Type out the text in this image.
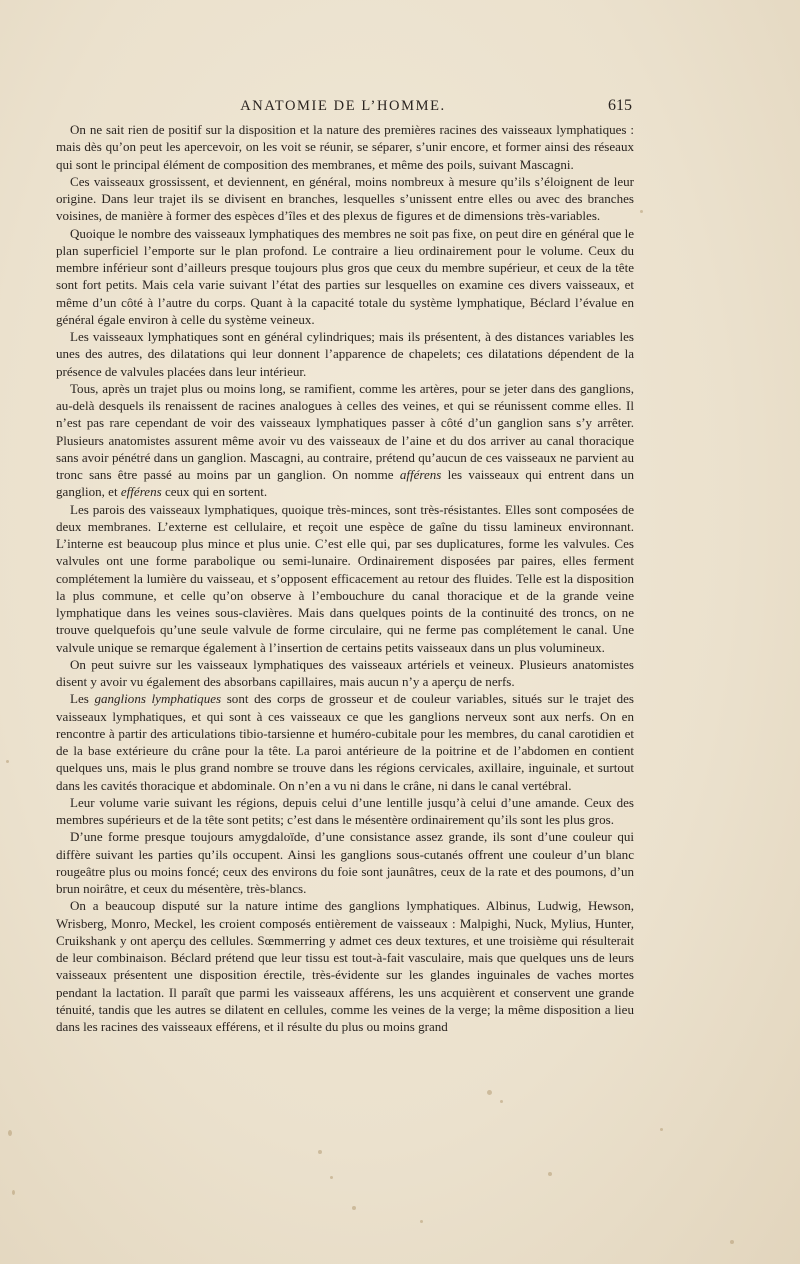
ANATOMIE DE L’HOMME.	615

On ne sait rien de positif sur la disposition et la nature des premières racines des vaisseaux lymphatiques : mais dès qu’on peut les apercevoir, on les voit se réunir, se séparer, s’unir encore, et former ainsi des réseaux qui sont le principal élément de composition des membranes, et même des poils, suivant Mascagni.

Ces vaisseaux grossissent, et deviennent, en général, moins nombreux à mesure qu’ils s’éloignent de leur origine. Dans leur trajet ils se divisent en branches, lesquelles s’unissent entre elles ou avec des branches voisines, de manière à former des espèces d’îles et des plexus de figures et de dimensions très-variables.

Quoique le nombre des vaisseaux lymphatiques des membres ne soit pas fixe, on peut dire en général que le plan superficiel l’emporte sur le plan profond. Le contraire a lieu ordinairement pour le volume. Ceux du membre inférieur sont d’ailleurs presque toujours plus gros que ceux du membre supérieur, et ceux de la tête sont fort petits. Mais cela varie suivant l’état des parties sur lesquelles on examine ces divers vaisseaux, et même d’un côté à l’autre du corps. Quant à la capacité totale du système lymphatique, Béclard l’évalue en général égale environ à celle du système veineux.

Les vaisseaux lymphatiques sont en général cylindriques; mais ils présentent, à des distances variables les unes des autres, des dilatations qui leur donnent l’apparence de chapelets; ces dilatations dépendent de la présence de valvules placées dans leur intérieur.

Tous, après un trajet plus ou moins long, se ramifient, comme les artères, pour se jeter dans des ganglions, au-delà desquels ils renaissent de racines analogues à celles des veines, et qui se réunissent comme elles. Il n’est pas rare cependant de voir des vaisseaux lymphatiques passer à côté d’un ganglion sans s’y arrêter. Plusieurs anatomistes assurent même avoir vu des vaisseaux de l’aine et du dos arriver au canal thoracique sans avoir pénétré dans un ganglion. Mascagni, au contraire, prétend qu’aucun de ces vaisseaux ne parvient au tronc sans être passé au moins par un ganglion. On nomme afférens les vaisseaux qui entrent dans un ganglion, et efférens ceux qui en sortent.

Les parois des vaisseaux lymphatiques, quoique très-minces, sont très-résistantes. Elles sont composées de deux membranes. L’externe est cellulaire, et reçoit une espèce de gaîne du tissu lamineux environnant. L’interne est beaucoup plus mince et plus unie. C’est elle qui, par ses duplicatures, forme les valvules. Ces valvules ont une forme parabolique ou semi-lunaire. Ordinairement disposées par paires, elles ferment complétement la lumière du vaisseau, et s’opposent efficacement au retour des fluides. Telle est la disposition la plus commune, et celle qu’on observe à l’embouchure du canal thoracique et de la grande veine lymphatique dans les veines sous-clavières. Mais dans quelques points de la continuité des troncs, on ne trouve quelquefois qu’une seule valvule de forme circulaire, qui ne ferme pas complétement le canal. Une valvule unique se remarque également à l’insertion de certains petits vaisseaux dans un plus volumineux.

On peut suivre sur les vaisseaux lymphatiques des vaisseaux artériels et veineux. Plusieurs anatomistes disent y avoir vu également des absorbans capillaires, mais aucun n’y a aperçu de nerfs.

Les ganglions lymphatiques sont des corps de grosseur et de couleur variables, situés sur le trajet des vaisseaux lymphatiques, et qui sont à ces vaisseaux ce que les ganglions nerveux sont aux nerfs. On en rencontre à partir des articulations tibio-tarsienne et huméro-cubitale pour les membres, du canal carotidien et de la base extérieure du crâne pour la tête. La paroi antérieure de la poitrine et de l’abdomen en contient quelques uns, mais le plus grand nombre se trouve dans les régions cervicales, axillaire, inguinale, et surtout dans les cavités thoracique et abdominale. On n’en a vu ni dans le crâne, ni dans le canal vertébral.

Leur volume varie suivant les régions, depuis celui d’une lentille jusqu’à celui d’une amande. Ceux des membres supérieurs et de la tête sont petits; c’est dans le mésentère ordinairement qu’ils sont les plus gros.

D’une forme presque toujours amygdaloïde, d’une consistance assez grande, ils sont d’une couleur qui diffère suivant les parties qu’ils occupent. Ainsi les ganglions sous-cutanés offrent une couleur d’un blanc rougeâtre plus ou moins foncé; ceux des environs du foie sont jaunâtres, ceux de la rate et des poumons, d’un brun noirâtre, et ceux du mésentère, très-blancs.

On a beaucoup disputé sur la nature intime des ganglions lymphatiques. Albinus, Ludwig, Hewson, Wrisberg, Monro, Meckel, les croient composés entièrement de vaisseaux : Malpighi, Nuck, Mylius, Hunter, Cruikshank y ont aperçu des cellules. Sœmmerring y admet ces deux textures, et une troisième qui résulterait de leur combinaison. Béclard prétend que leur tissu est tout-à-fait vasculaire, mais que quelques uns de leurs vaisseaux présentent une disposition érectile, très-évidente sur les glandes inguinales de vaches mortes pendant la lactation. Il paraît que parmi les vaisseaux afférens, les uns acquièrent et conservent une grande ténuité, tandis que les autres se dilatent en cellules, comme les veines de la verge; la même disposition a lieu dans les racines des vaisseaux efférens, et il résulte du plus ou moins grand
